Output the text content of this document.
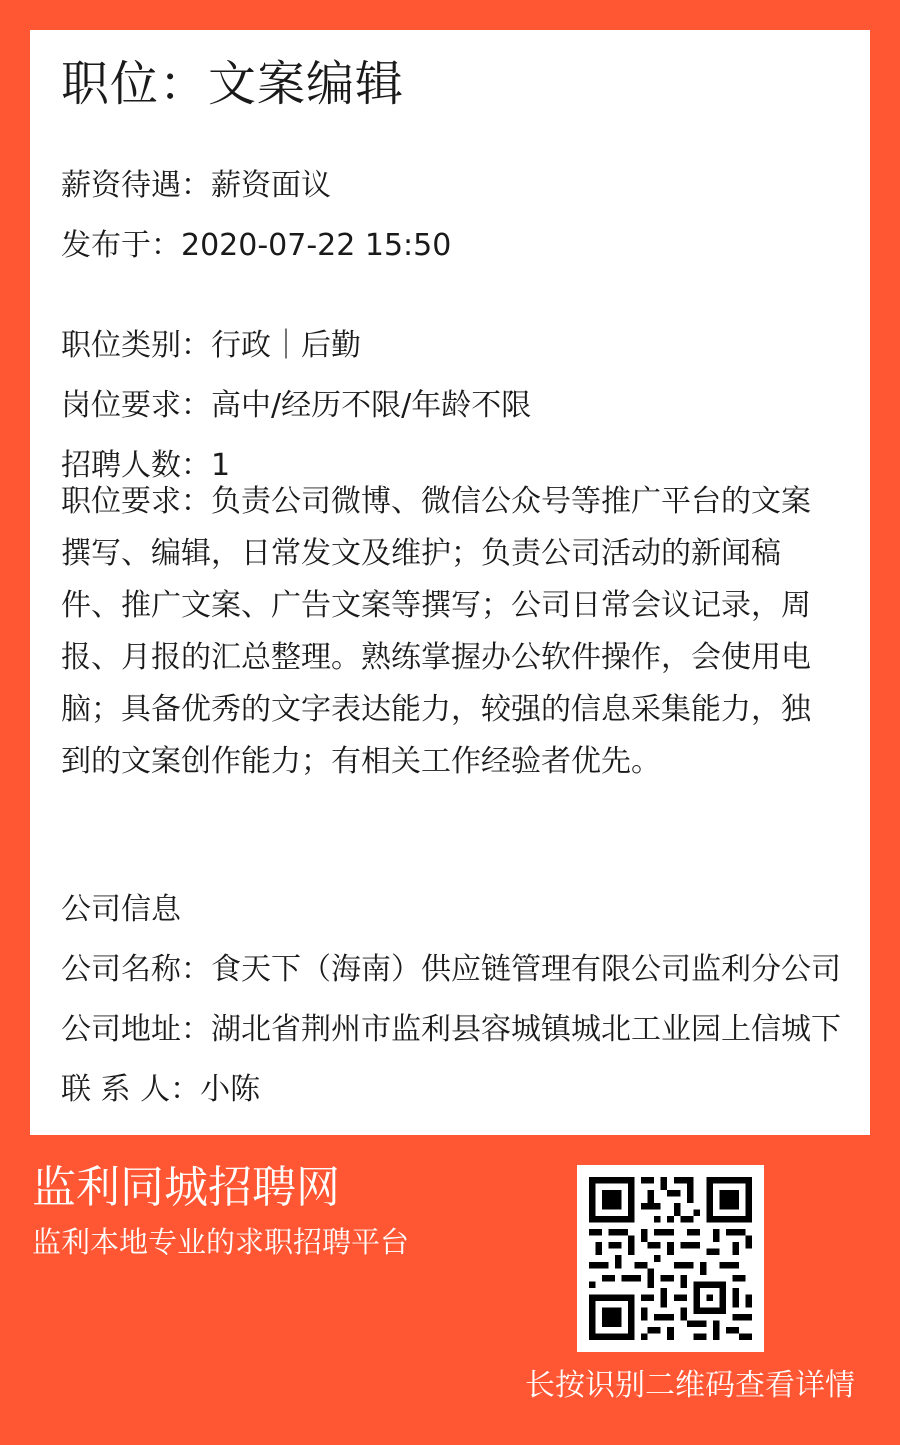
职位：文案编辑
薪资待遇：薪资面议
发布于：2020-07-22 15:50
职位类别：行政｜后勤
岗位要求：高中/经历不限/年龄不限
招聘人数：1
职位要求：负责公司微博、微信公众号等推广平台的文案撰写、编辑，日常发文及维护；负责公司活动的新闻稿件、推广文案、广告文案等撰写；公司日常会议记录，周报、月报的汇总整理。熟练掌握办公软件操作，会使用电脑；具备优秀的文字表达能力，较强的信息采集能力，独到的文案创作能力；有相关工作经验者优先。
公司信息
公司名称：食天下（海南）供应链管理有限公司监利分公司
公司地址：湖北省荆州市监利县容城镇城北工业园上信城下
联 系 人：小陈
监利同城招聘网
监利本地专业的求职招聘平台
长按识别二维码查看详情
